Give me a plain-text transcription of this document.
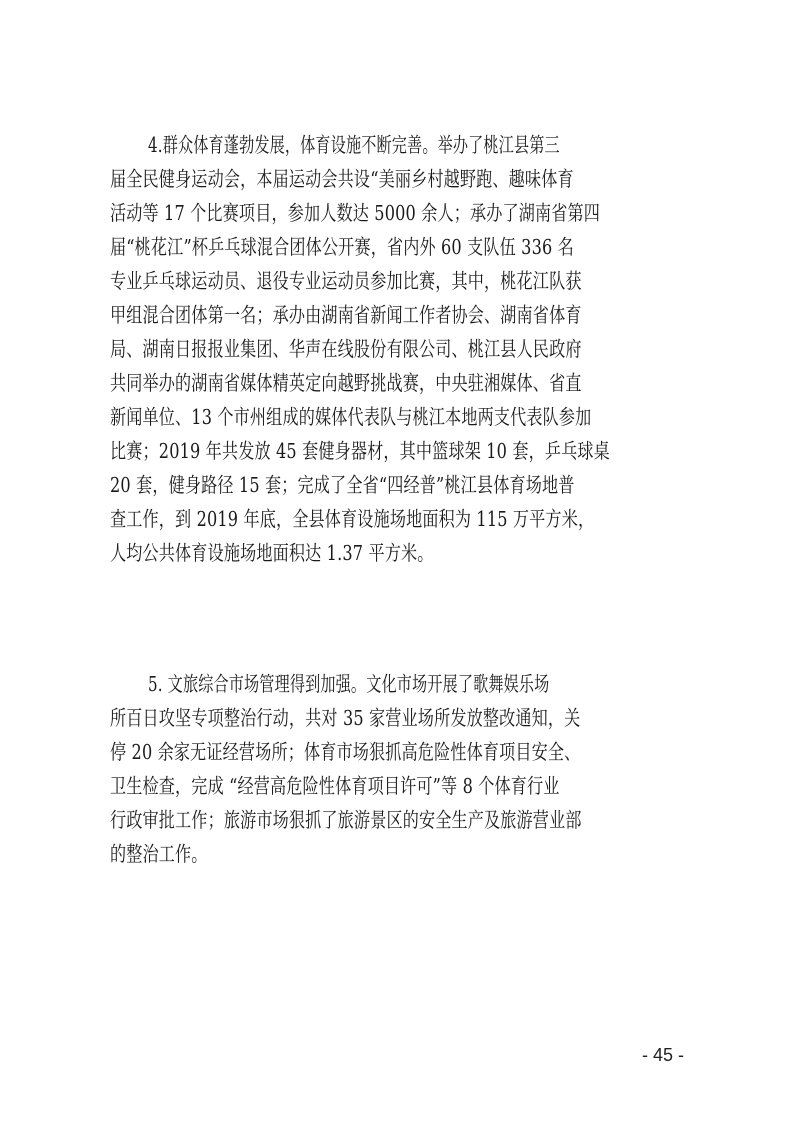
4.群众体育蓬勃发展，体育设施不断完善。举办了桃江县第三
届全民健身运动会，本届运动会共设“美丽乡村越野跑、趣味体育
活动等 17 个比赛项目，参加人数达 5000 余人；承办了湖南省第四
届“桃花江”杯乒乓球混合团体公开赛，省内外 60 支队伍 336 名
专业乒乓球运动员、退役专业运动员参加比赛，其中，桃花江队获
甲组混合团体第一名；承办由湖南省新闻工作者协会、湖南省体育
局、湖南日报报业集团、华声在线股份有限公司、桃江县人民政府
共同举办的湖南省媒体精英定向越野挑战赛，中央驻湘媒体、省直
新闻单位、13 个市州组成的媒体代表队与桃江本地两支代表队参加
比赛；2019 年共发放 45 套健身器材，其中篮球架 10 套，乒乓球桌
20 套，健身路径 15 套；完成了全省“四经普”桃江县体育场地普
查工作，到 2019 年底，全县体育设施场地面积为 115 万平方米，
人均公共体育设施场地面积达 1.37 平方米。
5. 文旅综合市场管理得到加强。文化市场开展了歌舞娱乐场
所百日攻坚专项整治行动，共对 35 家营业场所发放整改通知，关
停 20 余家无证经营场所；体育市场狠抓高危险性体育项目安全、
卫生检查，完成 “经营高危险性体育项目许可”等 8 个体育行业
行政审批工作；旅游市场狠抓了旅游景区的安全生产及旅游营业部
的整治工作。
- 45 -
